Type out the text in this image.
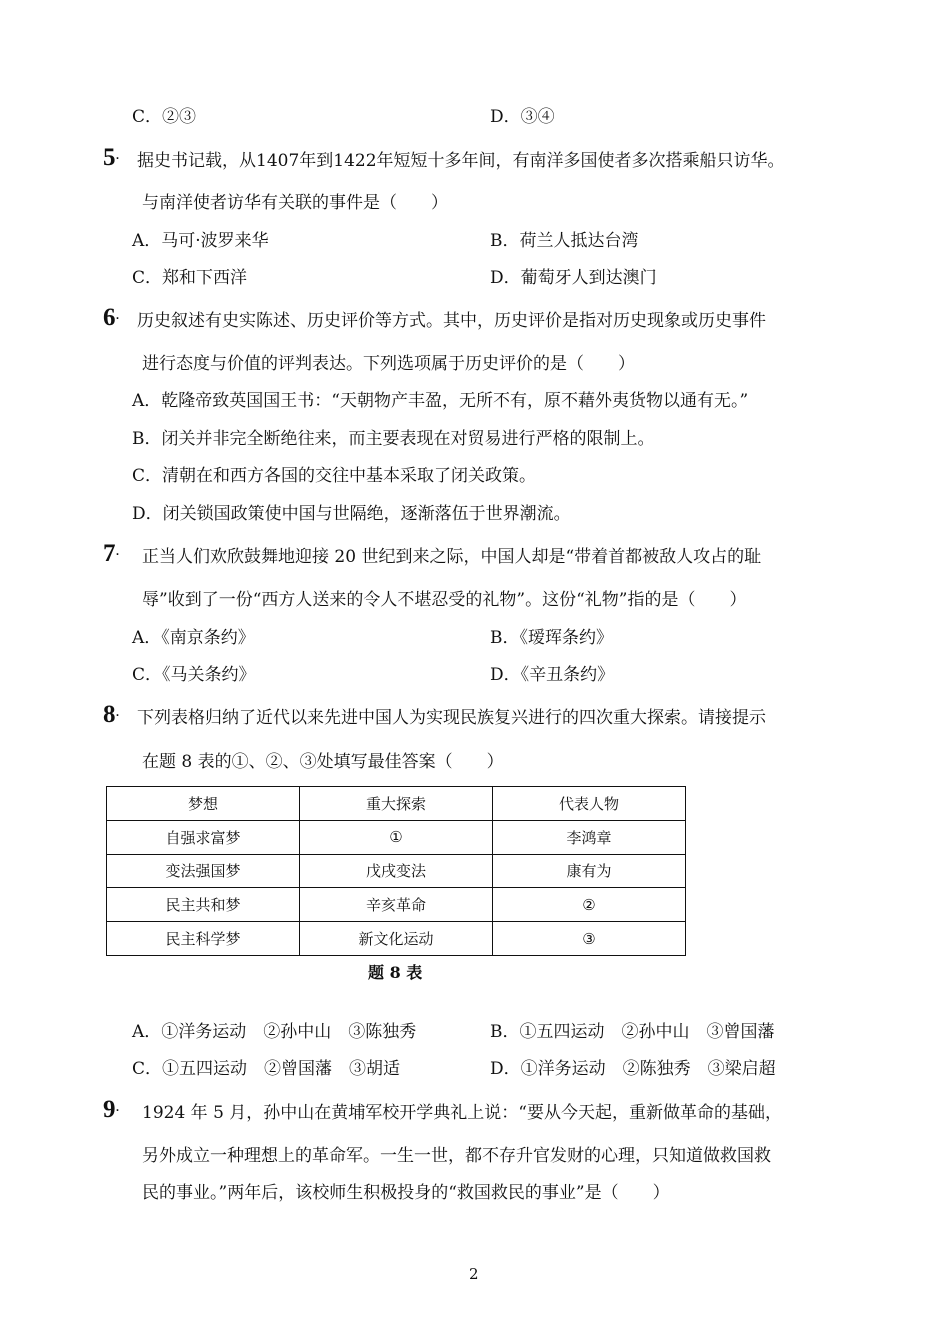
C．②③	D．③④
5· 据史书记载，从1407年到1422年短短十多年间，有南洋多国使者多次搭乘船只访华。
与南洋使者访华有关联的事件是（　　）
A．马可·波罗来华	B．荷兰人抵达台湾
C．郑和下西洋	D．葡萄牙人到达澳门
6· 历史叙述有史实陈述、历史评价等方式。其中，历史评价是指对历史现象或历史事件
进行态度与价值的评判表达。下列选项属于历史评价的是（　　）
A．乾隆帝致英国国王书：“天朝物产丰盈，无所不有，原不藉外夷货物以通有无。”
B．闭关并非完全断绝往来，而主要表现在对贸易进行严格的限制上。
C．清朝在和西方各国的交往中基本采取了闭关政策。
D．闭关锁国政策使中国与世隔绝，逐渐落伍于世界潮流。
7· 正当人们欢欣鼓舞地迎接 20 世纪到来之际，中国人却是“带着首都被敌人攻占的耻
辱”收到了一份“西方人送来的令人不堪忍受的礼物”。这份“礼物”指的是（　　）
A．《南京条约》	B．《瑷珲条约》
C．《马关条约》	D．《辛丑条约》
8· 下列表格归纳了近代以来先进中国人为实现民族复兴进行的四次重大探索。请接提示
在题 8 表的①、②、③处填写最佳答案（　　）
梦想	重大探索	代表人物
自强求富梦	①	李鸿章
变法强国梦	戊戌变法	康有为
民主共和梦	辛亥革命	②
民主科学梦	新文化运动	③
题 8 表
A．①洋务运动　②孙中山　③陈独秀	B．①五四运动　②孙中山　③曾国藩
C．①五四运动　②曾国藩　③胡适	D．①洋务运动　②陈独秀　③梁启超
9· 1924 年 5 月，孙中山在黄埔军校开学典礼上说：“要从今天起，重新做革命的基础，
另外成立一种理想上的革命军。一生一世，都不存升官发财的心理，只知道做救国救
民的事业。”两年后，该校师生积极投身的“救国救民的事业”是（　　）
2
